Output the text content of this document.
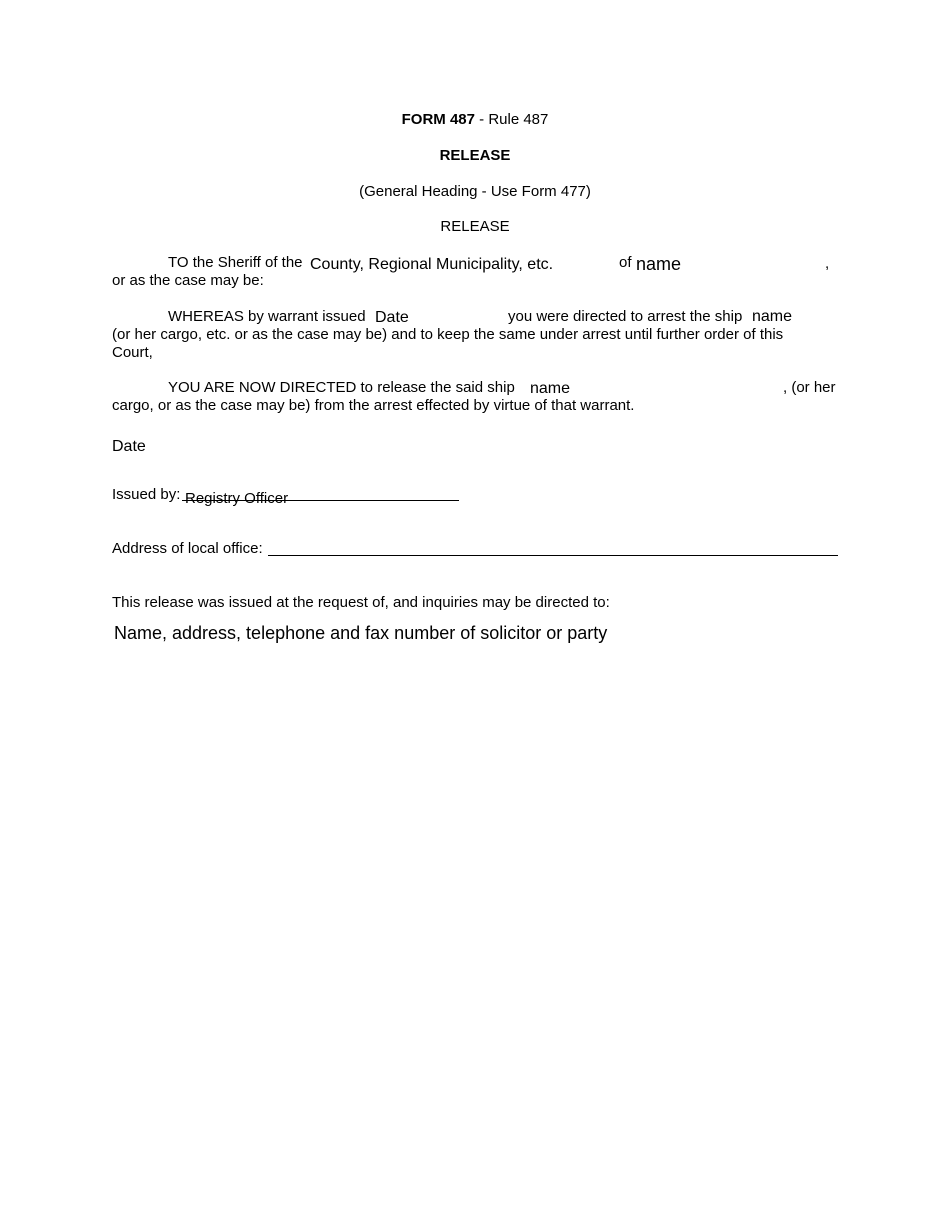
FORM 487 - Rule 487
RELEASE
(General Heading - Use Form 477)
RELEASE
TO the Sheriff of the County, Regional Municipality, etc.	of name	,
or as the case may be:
WHEREAS by warrant issued Date	you were directed to arrest the ship name
(or her cargo, etc. or as the case may be) and to keep the same under arrest until further order of this
Court,
YOU ARE NOW DIRECTED to release the said ship name	, (or her
cargo, or as the case may be) from the arrest effected by virtue of that warrant.
Date
Issued by: Registry Officer
Address of local office:
This release was issued at the request of, and inquiries may be directed to:
Name, address, telephone and fax number of solicitor or party
